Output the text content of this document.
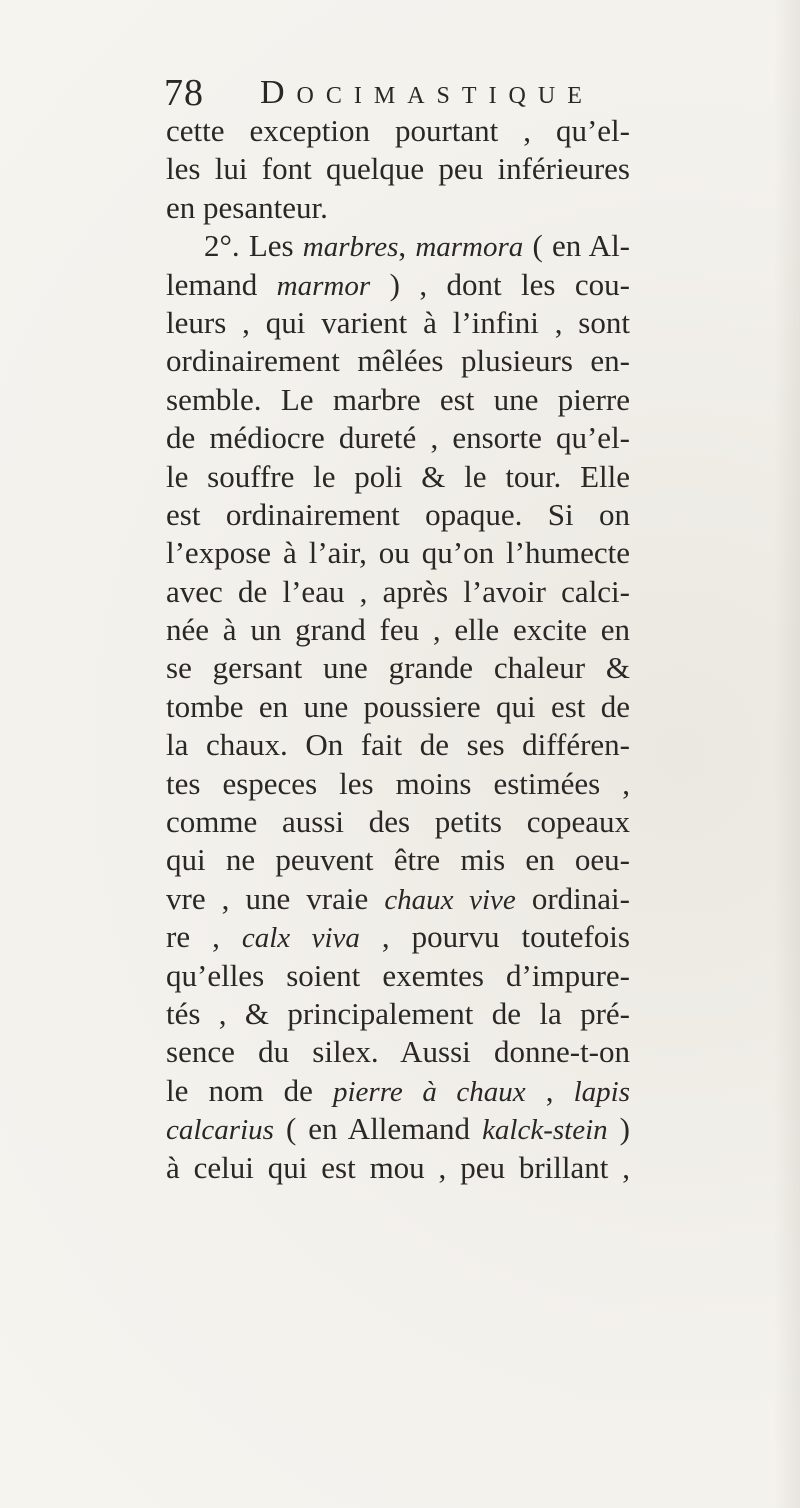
78 Docimastique
cette exception pourtant , qu’el-
les lui font quelque peu inférieures
en pesanteur.
2°. Les marbres, marmora ( en Al-
lemand marmor ) , dont les cou-
leurs , qui varient à l’infini , sont
ordinairement mêlées plusieurs en-
semble. Le marbre est une pierre
de médiocre dureté , ensorte qu’el-
le souffre le poli & le tour. Elle
est ordinairement opaque. Si on
l’expose à l’air, ou qu’on l’humecte
avec de l’eau , après l’avoir calci-
née à un grand feu , elle excite en
se gersant une grande chaleur &
tombe en une poussiere qui est de
la chaux. On fait de ses différen-
tes especes les moins estimées ,
comme aussi des petits copeaux
qui ne peuvent être mis en oeu-
vre , une vraie chaux vive ordinai-
re , calx viva , pourvu toutefois
qu’elles soient exemtes d’impure-
tés , & principalement de la pré-
sence du silex. Aussi donne-t-on
le nom de pierre à chaux , lapis
calcarius ( en Allemand kalck-stein )
à celui qui est mou , peu brillant ,
